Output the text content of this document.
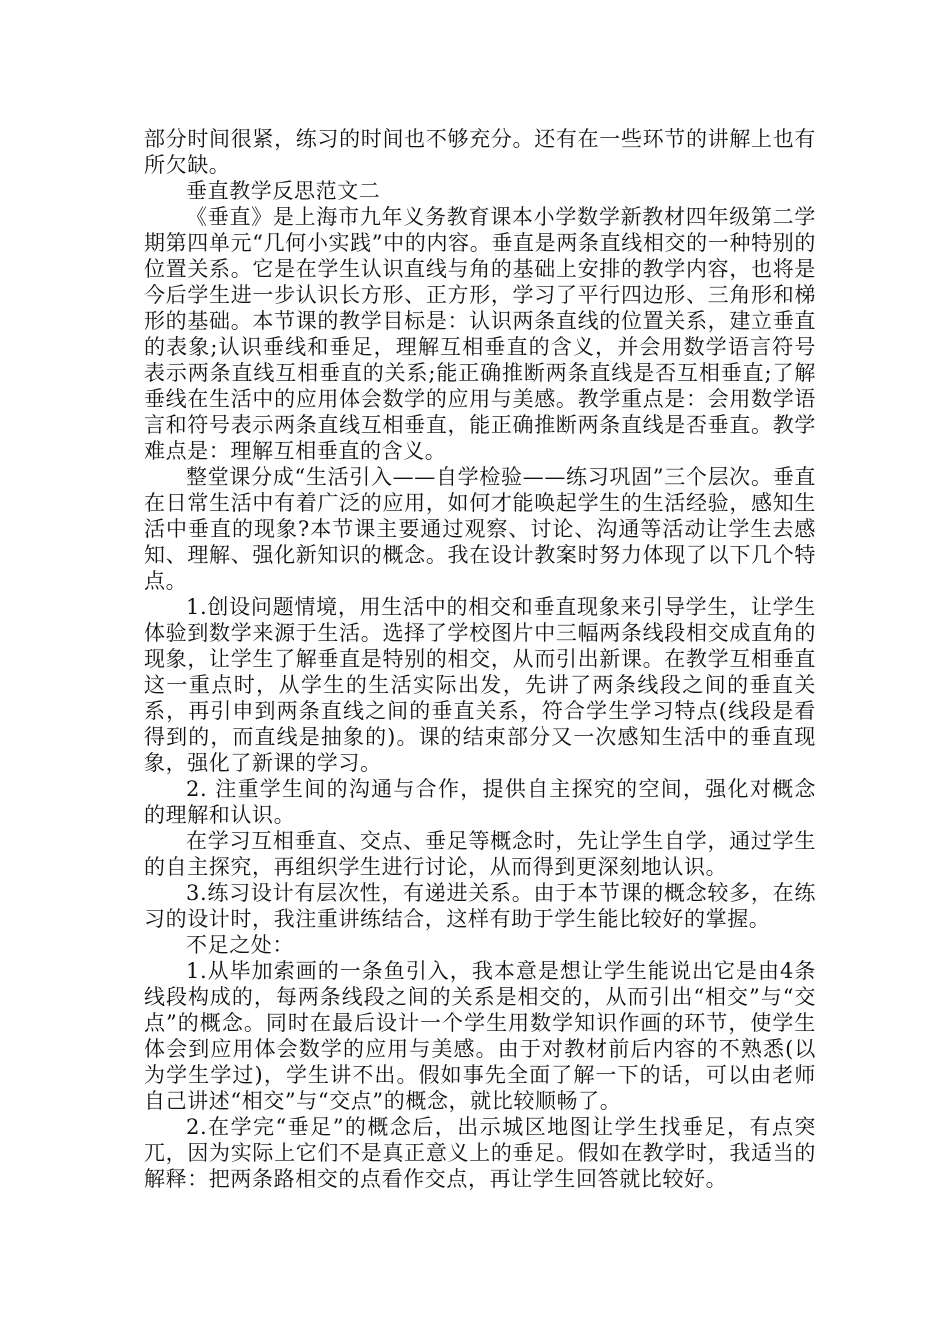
部分时间很紧，练习的时间也不够充分。还有在一些环节的讲解上也有所欠缺。

垂直教学反思范文二

《垂直》是上海市九年义务教育课本小学数学新教材四年级第二学期第四单元“几何小实践”中的内容。垂直是两条直线相交的一种特别的位置关系。它是在学生认识直线与角的基础上安排的教学内容，也将是今后学生进一步认识长方形、正方形，学习了平行四边形、三角形和梯形的基础。本节课的教学目标是：认识两条直线的位置关系，建立垂直的表象;认识垂线和垂足，理解互相垂直的含义，并会用数学语言符号表示两条直线互相垂直的关系;能正确推断两条直线是否互相垂直;了解垂线在生活中的应用体会数学的应用与美感。教学重点是：会用数学语言和符号表示两条直线互相垂直，能正确推断两条直线是否垂直。教学难点是：理解互相垂直的含义。

整堂课分成“生活引入——自学检验——练习巩固”三个层次。垂直在日常生活中有着广泛的应用，如何才能唤起学生的生活经验，感知生活中垂直的现象?本节课主要通过观察、讨论、沟通等活动让学生去感知、理解、强化新知识的概念。我在设计教案时努力体现了以下几个特点。

1.创设问题情境，用生活中的相交和垂直现象来引导学生，让学生体验到数学来源于生活。选择了学校图片中三幅两条线段相交成直角的现象，让学生了解垂直是特别的相交，从而引出新课。在教学互相垂直这一重点时，从学生的生活实际出发，先讲了两条线段之间的垂直关系，再引申到两条直线之间的垂直关系，符合学生学习特点(线段是看得到的，而直线是抽象的)。课的结束部分又一次感知生活中的垂直现象，强化了新课的学习。

2. 注重学生间的沟通与合作，提供自主探究的空间，强化对概念的理解和认识。

在学习互相垂直、交点、垂足等概念时，先让学生自学，通过学生的自主探究，再组织学生进行讨论，从而得到更深刻地认识。

3.练习设计有层次性，有递进关系。由于本节课的概念较多，在练习的设计时，我注重讲练结合，这样有助于学生能比较好的掌握。

不足之处：

1.从毕加索画的一条鱼引入，我本意是想让学生能说出它是由4条线段构成的，每两条线段之间的关系是相交的，从而引出“相交”与“交点”的概念。同时在最后设计一个学生用数学知识作画的环节，使学生体会到应用体会数学的应用与美感。由于对教材前后内容的不熟悉(以为学生学过)，学生讲不出。假如事先全面了解一下的话，可以由老师自己讲述“相交”与“交点”的概念，就比较顺畅了。

2.在学完“垂足”的概念后，出示城区地图让学生找垂足，有点突兀，因为实际上它们不是真正意义上的垂足。假如在教学时，我适当的解释：把两条路相交的点看作交点，再让学生回答就比较好。
